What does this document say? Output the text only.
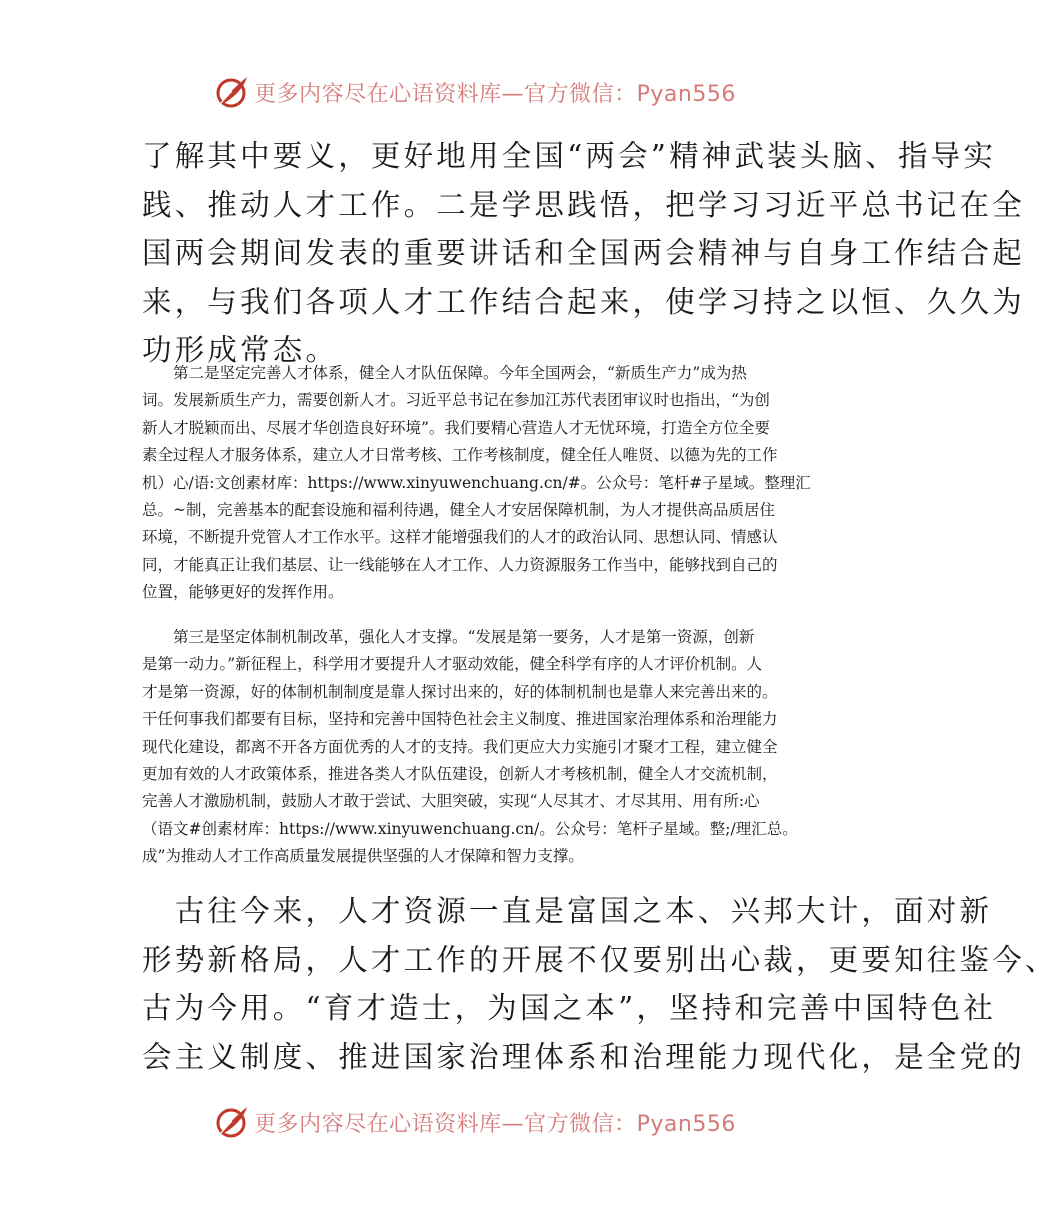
更多内容尽在心语资料库—官方微信：Pyan556
了解其中要义，更好地用全国“两会”精神武装头脑、指导实
践、推动人才工作。二是学思践悟，把学习习近平总书记在全
国两会期间发表的重要讲话和全国两会精神与自身工作结合起
来，与我们各项人才工作结合起来，使学习持之以恒、久久为
功形成常态。
　　第二是坚定完善人才体系，健全人才队伍保障。今年全国两会，“新质生产力”成为热
词。发展新质生产力，需要创新人才。习近平总书记在参加江苏代表团审议时也指出，“为创
新人才脱颖而出、尽展才华创造良好环境”。我们要精心营造人才无忧环境，打造全方位全要
素全过程人才服务体系，建立人才日常考核、工作考核制度，健全任人唯贤、以德为先的工作
机）心/语:文创素材库：https://www.xinyuwenchuang.cn/#。公众号：笔杆#子星域。整理汇
总。~制，完善基本的配套设施和福利待遇，健全人才安居保障机制，为人才提供高品质居住
环境，不断提升党管人才工作水平。这样才能增强我们的人才的政治认同、思想认同、情感认
同，才能真正让我们基层、让一线能够在人才工作、人力资源服务工作当中，能够找到自己的
位置，能够更好的发挥作用。
　　第三是坚定体制机制改革，强化人才支撑。“发展是第一要务，人才是第一资源，创新
是第一动力。”新征程上，科学用才要提升人才驱动效能，健全科学有序的人才评价机制。人
才是第一资源，好的体制机制制度是靠人探讨出来的，好的体制机制也是靠人来完善出来的。
干任何事我们都要有目标，坚持和完善中国特色社会主义制度、推进国家治理体系和治理能力
现代化建设，都离不开各方面优秀的人才的支持。我们更应大力实施引才聚才工程，建立健全
更加有效的人才政策体系，推进各类人才队伍建设，创新人才考核机制，健全人才交流机制，
完善人才激励机制，鼓励人才敢于尝试、大胆突破，实现“人尽其才、才尽其用、用有所:心
（语文#创素材库：https://www.xinyuwenchuang.cn/。公众号：笔杆子星域。整;/理汇总。
成”为推动人才工作高质量发展提供坚强的人才保障和智力支撑。
　古往今来，人才资源一直是富国之本、兴邦大计，面对新
形势新格局，人才工作的开展不仅要别出心裁，更要知往鉴今、
古为今用。“育才造士，为国之本”，坚持和完善中国特色社
会主义制度、推进国家治理体系和治理能力现代化，是全党的
更多内容尽在心语资料库—官方微信：Pyan556
